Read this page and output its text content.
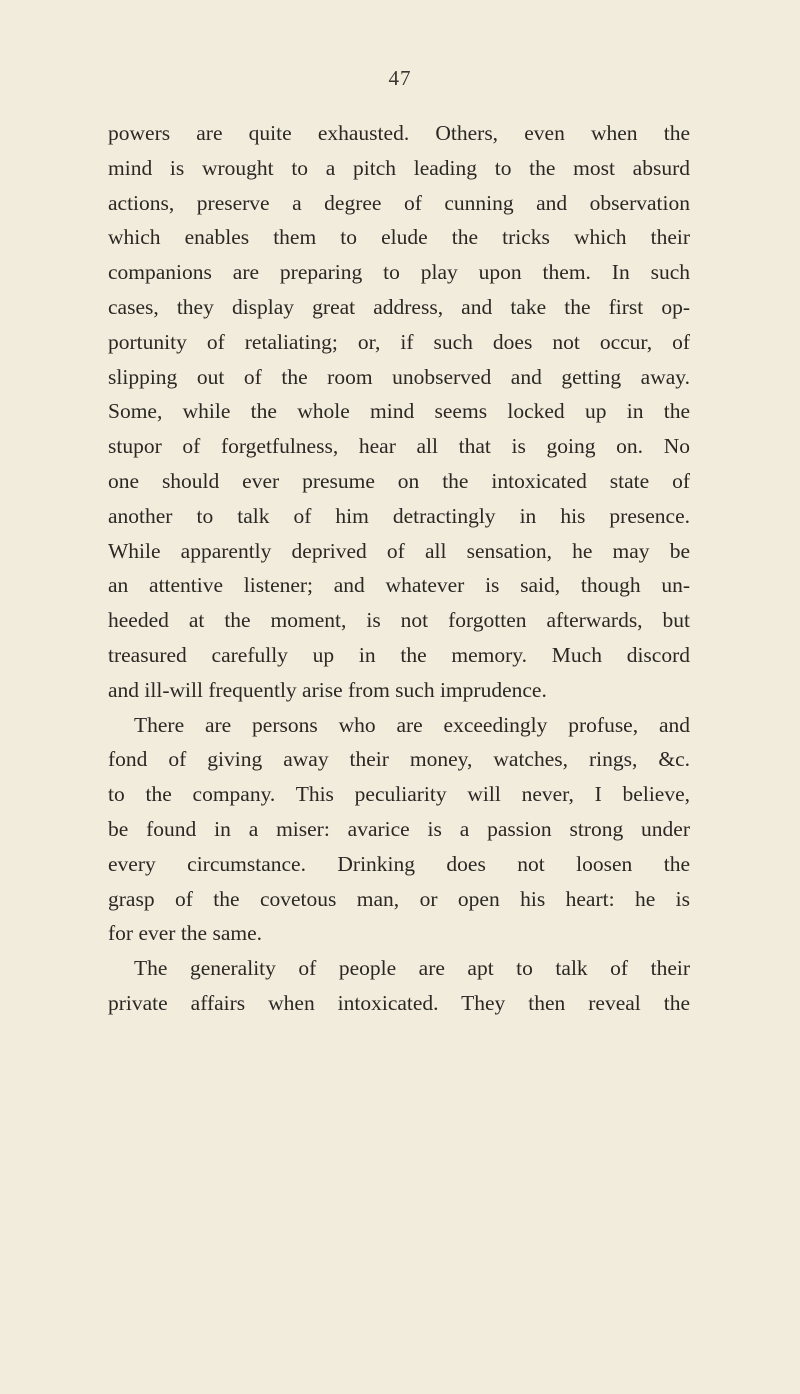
47
powers are quite exhausted. Others, even when the
mind is wrought to a pitch leading to the most absurd
actions, preserve a degree of cunning and observation
which enables them to elude the tricks which their
companions are preparing to play upon them. In such
cases, they display great address, and take the first op-
portunity of retaliating; or, if such does not occur, of
slipping out of the room unobserved and getting away.
Some, while the whole mind seems locked up in the
stupor of forgetfulness, hear all that is going on. No
one should ever presume on the intoxicated state of
another to talk of him detractingly in his presence.
While apparently deprived of all sensation, he may be
an attentive listener; and whatever is said, though un-
heeded at the moment, is not forgotten afterwards, but
treasured carefully up in the memory. Much discord
and ill-will frequently arise from such imprudence.
There are persons who are exceedingly profuse, and
fond of giving away their money, watches, rings, &c.
to the company. This peculiarity will never, I believe,
be found in a miser: avarice is a passion strong under
every circumstance. Drinking does not loosen the
grasp of the covetous man, or open his heart: he is
for ever the same.
The generality of people are apt to talk of their
private affairs when intoxicated. They then reveal the
